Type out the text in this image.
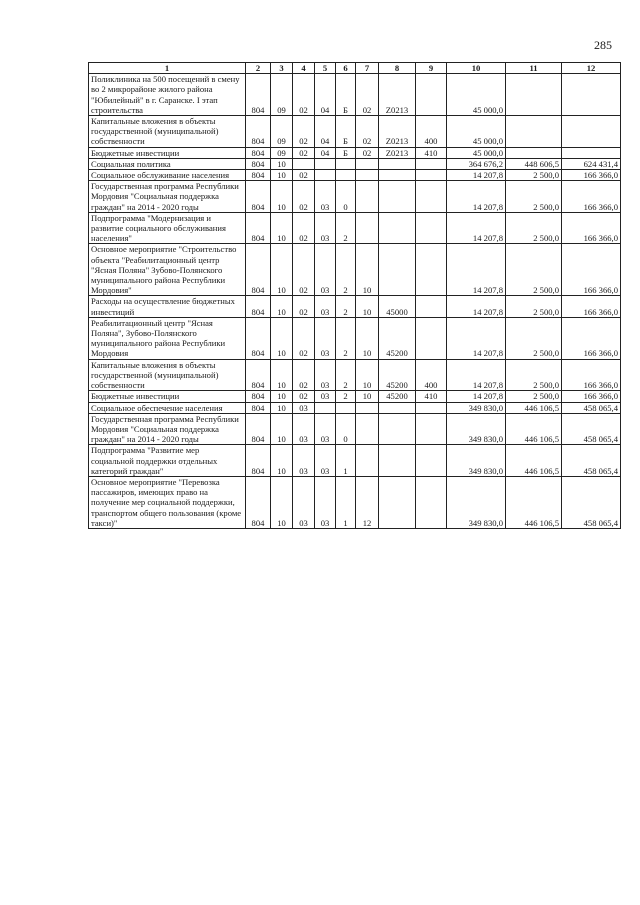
285
1	2	3	4	5	6	7	8	9	10	11	12
Поликлиника на 500 посещений в смену во 2 микрорайоне жилого района "Юбилейный" в г. Саранске. I этап строительства	804	09	02	04	Б	02	Z0213		45 000,0		
Капитальные вложения в объекты государственной (муниципальной) собственности	804	09	02	04	Б	02	Z0213	400	45 000,0		
Бюджетные инвестиции	804	09	02	04	Б	02	Z0213	410	45 000,0		
Социальная политика	804	10							364 676,2	448 606,5	624 431,4
Социальное обслуживание населения	804	10	02						14 207,8	2 500,0	166 366,0
Государственная программа Республики Мордовия "Социальная поддержка граждан" на 2014 - 2020 годы	804	10	02	03	0				14 207,8	2 500,0	166 366,0
Подпрограмма "Модернизация и развитие социального обслуживания населения"	804	10	02	03	2				14 207,8	2 500,0	166 366,0
Основное мероприятие "Строительство объекта "Реабилитационный центр "Ясная Поляна" Зубово-Полянского муниципального района Республики Мордовия"	804	10	02	03	2	10			14 207,8	2 500,0	166 366,0
Расходы на осуществление бюджетных инвестиций	804	10	02	03	2	10	45000		14 207,8	2 500,0	166 366,0
Реабилитационный центр "Ясная Поляна", Зубово-Полянского муниципального района Республики Мордовия	804	10	02	03	2	10	45200		14 207,8	2 500,0	166 366,0
Капитальные вложения в объекты государственной (муниципальной) собственности	804	10	02	03	2	10	45200	400	14 207,8	2 500,0	166 366,0
Бюджетные инвестиции	804	10	02	03	2	10	45200	410	14 207,8	2 500,0	166 366,0
Социальное обеспечение населения	804	10	03						349 830,0	446 106,5	458 065,4
Государственная программа Республики Мордовия "Социальная поддержка граждан" на 2014 - 2020 годы	804	10	03	03	0				349 830,0	446 106,5	458 065,4
Подпрограмма "Развитие мер социальной поддержки отдельных категорий граждан"	804	10	03	03	1				349 830,0	446 106,5	458 065,4
Основное мероприятие "Перевозка пассажиров, имеющих право на получение мер социальной поддержки, транспортом общего пользования (кроме такси)"	804	10	03	03	1	12			349 830,0	446 106,5	458 065,4
